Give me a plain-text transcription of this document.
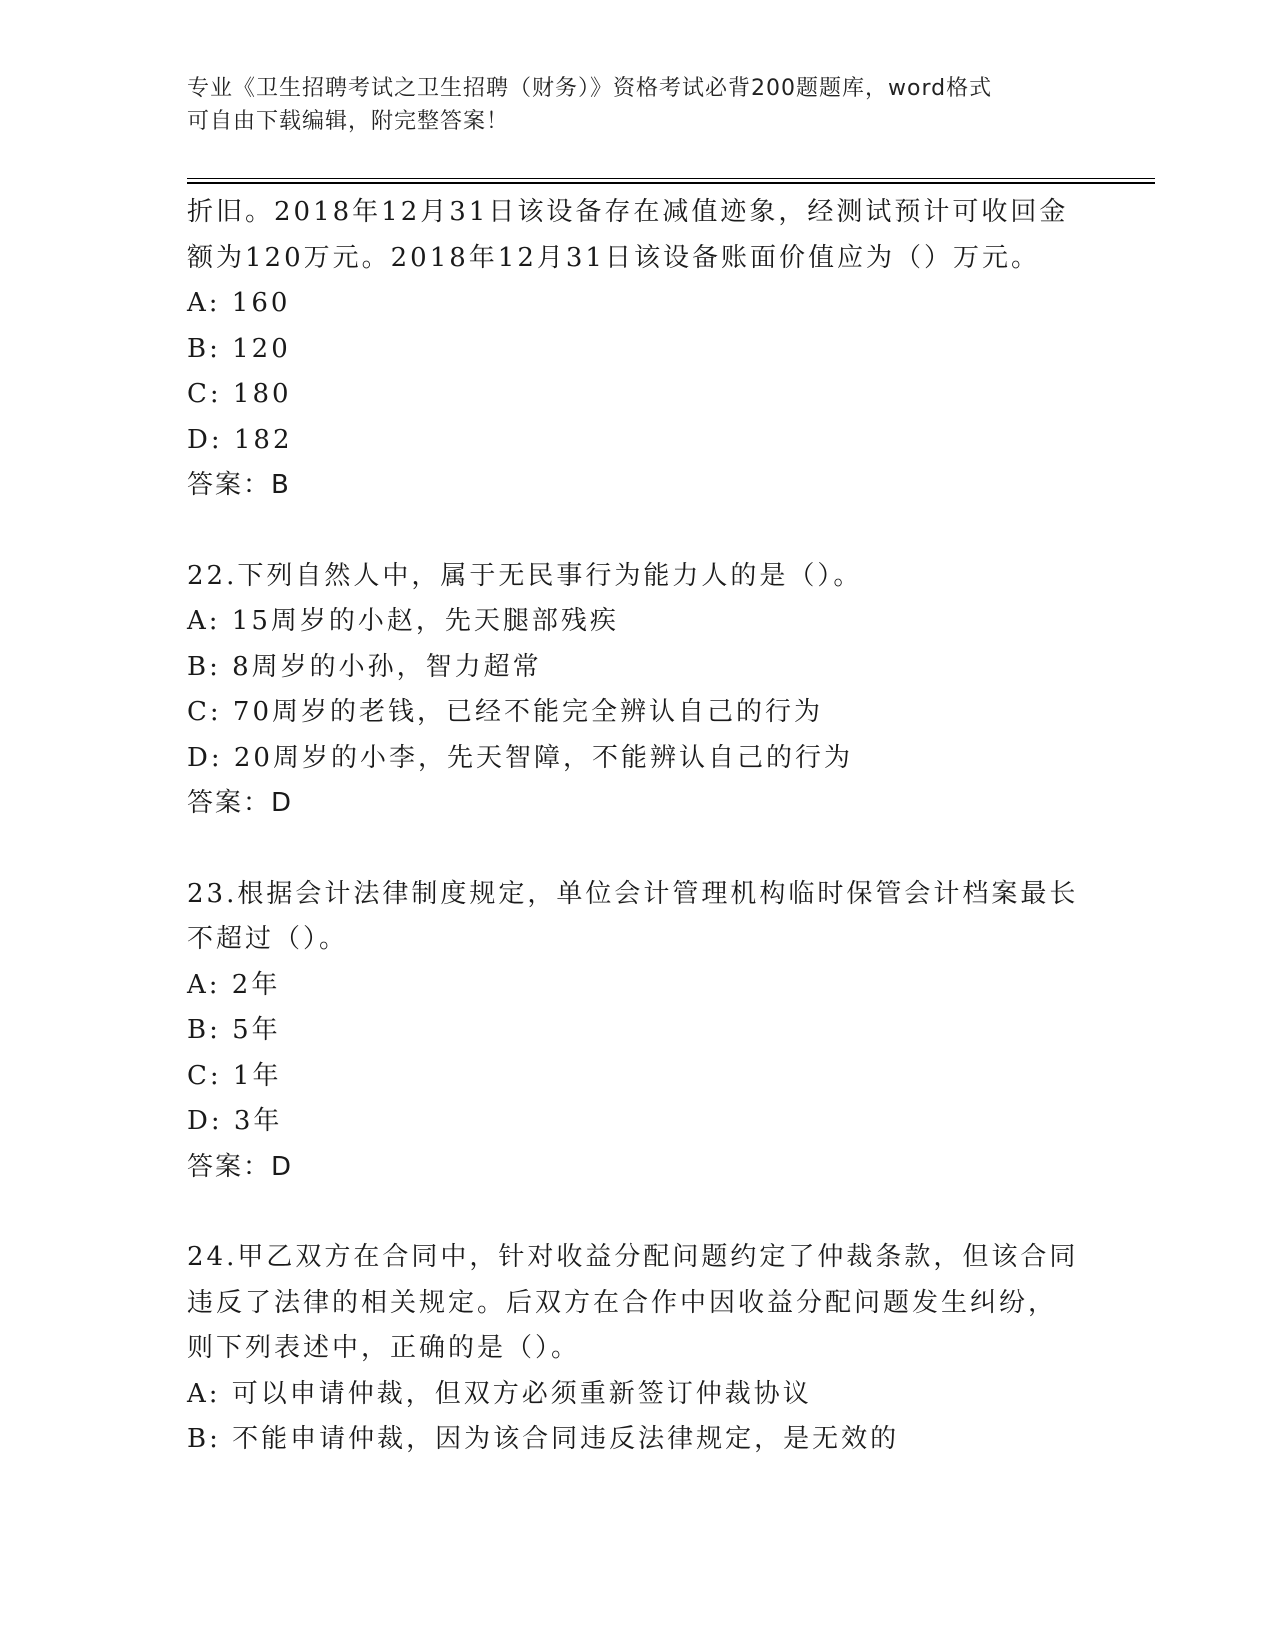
专业《卫生招聘考试之卫生招聘（财务）》资格考试必背200题题库，word格式
可自由下载编辑，附完整答案！

折旧。2018年12月31日该设备存在减值迹象，经测试预计可收回金

额为120万元。2018年12月31日该设备账面价值应为（）万元。

A: 160

B: 120

C: 180

D: 182

答案：B

22.下列自然人中，属于无民事行为能力人的是（）。

A: 15周岁的小赵，先天腿部残疾

B: 8周岁的小孙，智力超常

C: 70周岁的老钱，已经不能完全辨认自己的行为

D: 20周岁的小李，先天智障，不能辨认自己的行为

答案：D

23.根据会计法律制度规定，单位会计管理机构临时保管会计档案最长

不超过（）。

A: 2年

B: 5年

C: 1年

D: 3年

答案：D

24.甲乙双方在合同中，针对收益分配问题约定了仲裁条款，但该合同

违反了法律的相关规定。后双方在合作中因收益分配问题发生纠纷，

则下列表述中，正确的是（）。

A: 可以申请仲裁，但双方必须重新签订仲裁协议

B: 不能申请仲裁，因为该合同违反法律规定，是无效的
